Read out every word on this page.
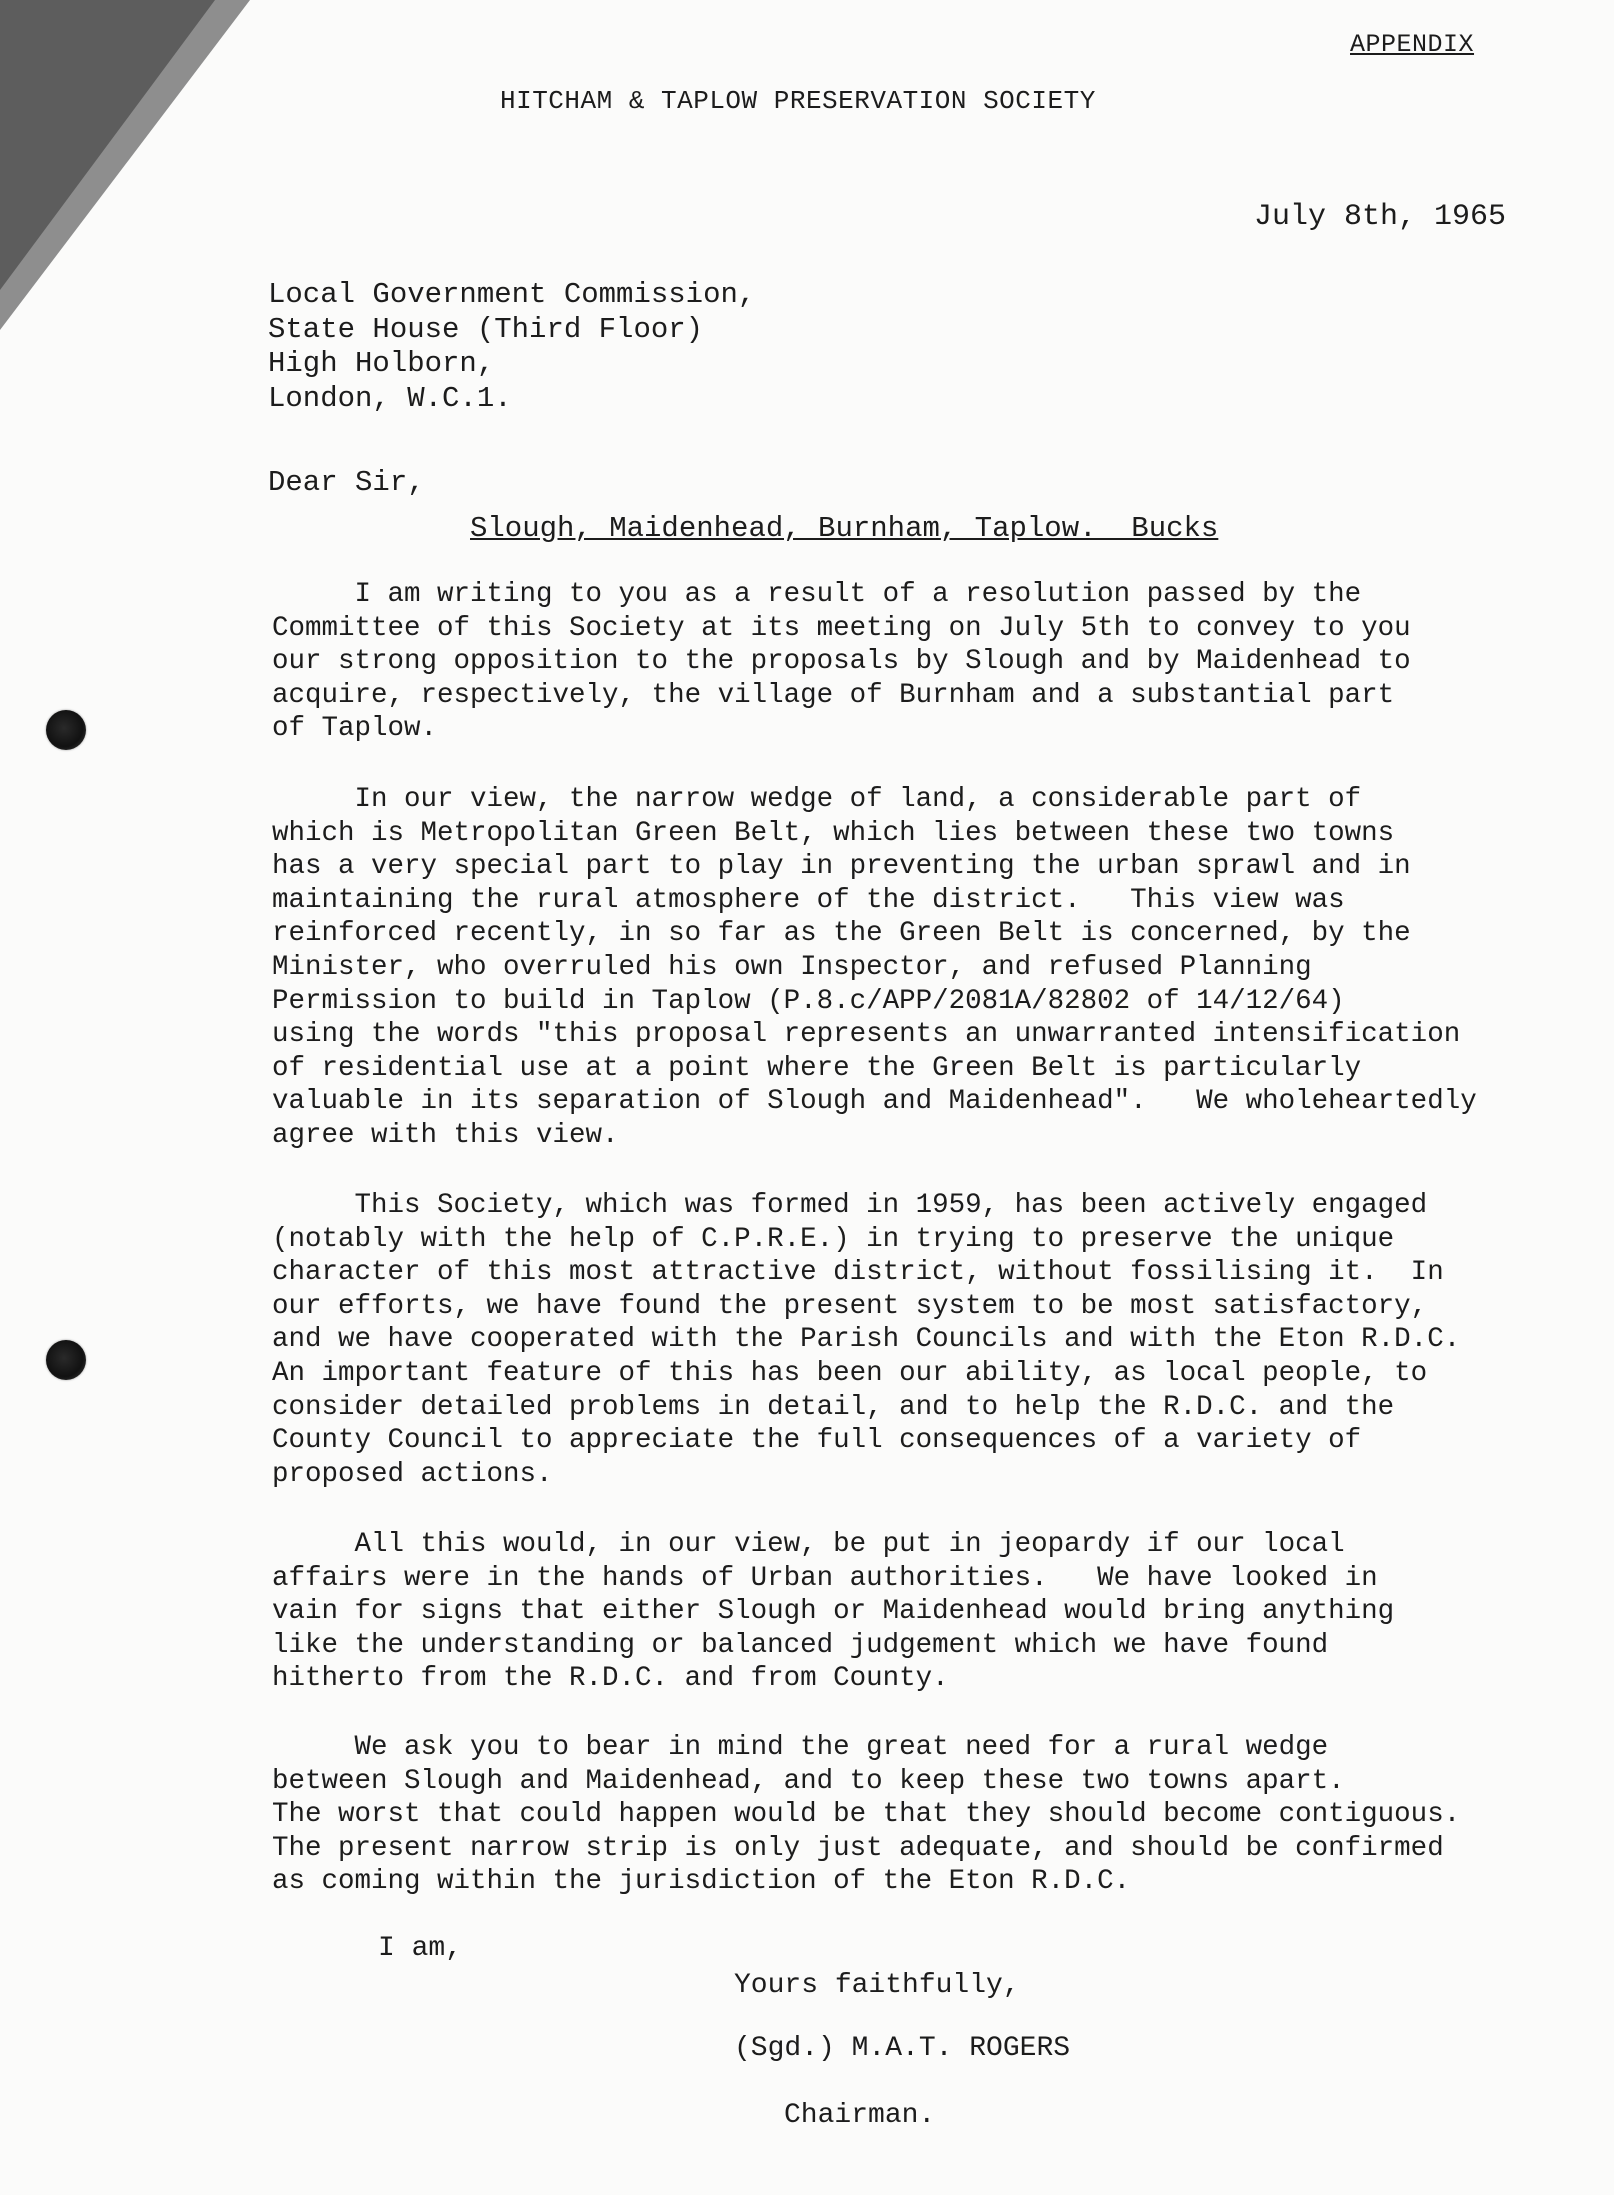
APPENDIX
HITCHAM & TAPLOW PRESERVATION SOCIETY
July 8th, 1965
Local Government Commission,
State House (Third Floor)
High Holborn,
London, W.C.1.
Dear Sir,
Slough, Maidenhead, Burnham, Taplow.  Bucks
I am writing to you as a result of a resolution passed by the
Committee of this Society at its meeting on July 5th to convey to you
our strong opposition to the proposals by Slough and by Maidenhead to
acquire, respectively, the village of Burnham and a substantial part
of Taplow.
In our view, the narrow wedge of land, a considerable part of
which is Metropolitan Green Belt, which lies between these two towns
has a very special part to play in preventing the urban sprawl and in
maintaining the rural atmosphere of the district.   This view was
reinforced recently, in so far as the Green Belt is concerned, by the
Minister, who overruled his own Inspector, and refused Planning
Permission to build in Taplow (P.8.c/APP/2081A/82802 of 14/12/64)
using the words "this proposal represents an unwarranted intensification
of residential use at a point where the Green Belt is particularly
valuable in its separation of Slough and Maidenhead".   We wholeheartedly
agree with this view.
This Society, which was formed in 1959, has been actively engaged
(notably with the help of C.P.R.E.) in trying to preserve the unique
character of this most attractive district, without fossilising it.  In
our efforts, we have found the present system to be most satisfactory,
and we have cooperated with the Parish Councils and with the Eton R.D.C.
An important feature of this has been our ability, as local people, to
consider detailed problems in detail, and to help the R.D.C. and the
County Council to appreciate the full consequences of a variety of
proposed actions.
All this would, in our view, be put in jeopardy if our local
affairs were in the hands of Urban authorities.   We have looked in
vain for signs that either Slough or Maidenhead would bring anything
like the understanding or balanced judgement which we have found
hitherto from the R.D.C. and from County.
We ask you to bear in mind the great need for a rural wedge
between Slough and Maidenhead, and to keep these two towns apart.
The worst that could happen would be that they should become contiguous.
The present narrow strip is only just adequate, and should be confirmed
as coming within the jurisdiction of the Eton R.D.C.
I am,
Yours faithfully,
(Sgd.) M.A.T. ROGERS
Chairman.
